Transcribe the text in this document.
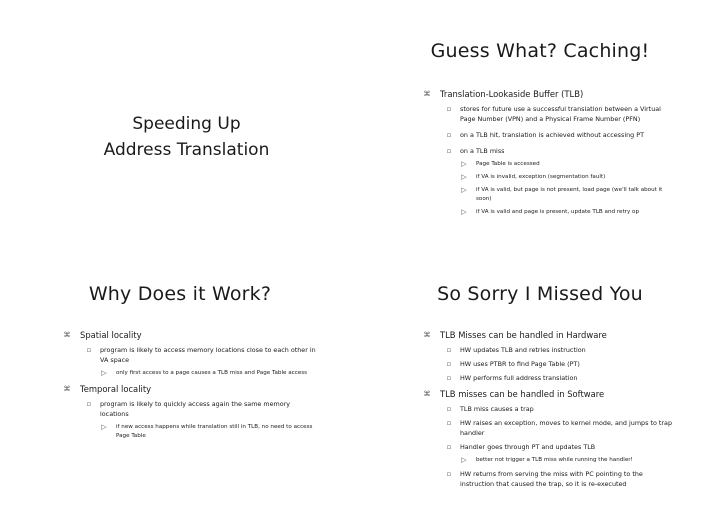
Speeding Up
Address Translation
Guess What? Caching!
⌘ Translation-Lookaside Buffer (TLB)
▫	stores for future use a successful translation between a Virtual Page Number (VPN) and a Physical Frame Number (PFN)
▫	on a TLB hit, translation is achieved without accessing PT
▫	on a TLB miss
▷	Page Table is accessed
▷	if VA is invalid, exception (segmentation fault)
▷	if VA is valid, but page is not present, load page (we'll talk about it soon)
▷	if VA is valid and page is present, update TLB and retry op
Why Does it Work?
⌘ Spatial locality
▫	program is likely to access memory locations close to each other in VA space
▷	only first access to a page causes a TLB miss and Page Table access
⌘ Temporal locality
▫	program is likely to quickly access again the same memory locations
▷	if new access happens while translation still in TLB, no need to access Page Table
So Sorry I Missed You
⌘ TLB Misses can be handled in Hardware
▫	HW updates TLB and retries instruction
▫	HW uses PTBR to find Page Table (PT)
▫	HW performs full address translation
⌘ TLB misses can be handled in Software
▫	TLB miss causes a trap
▫	HW raises an exception, moves to kernel mode, and jumps to trap handler
▫	Handler goes through PT and updates TLB
▷	better not trigger a TLB miss while running the handler!
▫	HW returns from serving the miss with PC pointing to the instruction that caused the trap, so it is re-executed
